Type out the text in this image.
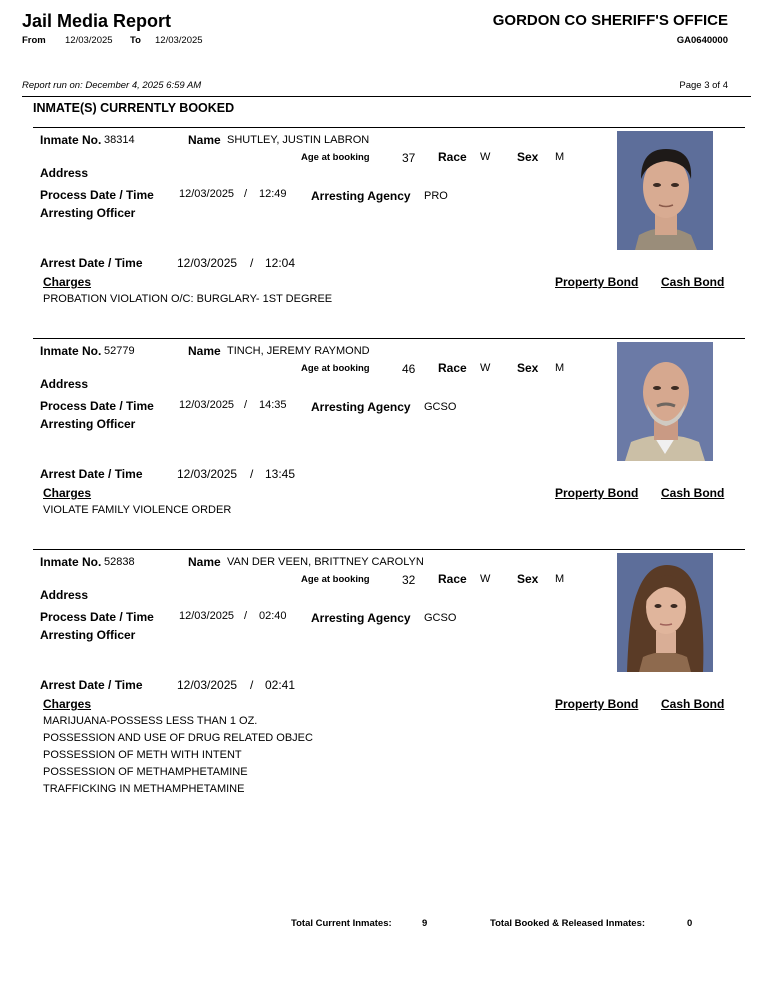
Jail Media Report
From 12/03/2025 To 12/03/2025
GORDON CO SHERIFF'S OFFICE
GA0640000
Report run on: December 4, 2025 6:59 AM	Page 3 of 4
INMATE(S) CURRENTLY BOOKED
Inmate No. 38314	Name SHUTLEY, JUSTIN LABRON
Age at booking	37 Race W Sex M
Address
Process Date / Time 12/03/2025 / 12:49 Arresting Agency PRO
Arresting Officer
Arrest Date / Time	12/03/2025 / 12:04
Charges	Property Bond Cash Bond
PROBATION VIOLATION O/C: BURGLARY- 1ST DEGREE
Inmate No. 52779	Name TINCH, JEREMY RAYMOND
Age at booking	46 Race W Sex M
Address
Process Date / Time 12/03/2025 / 14:35 Arresting Agency GCSO
Arresting Officer
Arrest Date / Time	12/03/2025 / 13:45
Charges	Property Bond Cash Bond
VIOLATE FAMILY VIOLENCE ORDER
Inmate No. 52838	Name VAN DER VEEN, BRITTNEY CAROLYN
Age at booking	32 Race W Sex M
Address
Process Date / Time 12/03/2025 / 02:40 Arresting Agency GCSO
Arresting Officer
Arrest Date / Time	12/03/2025 / 02:41
Charges	Property Bond Cash Bond
MARIJUANA-POSSESS LESS THAN 1 OZ.
POSSESSION AND USE OF DRUG RELATED OBJEC
POSSESSION OF METH WITH INTENT
POSSESSION OF METHAMPHETAMINE
TRAFFICKING IN METHAMPHETAMINE
Total Current Inmates:	9	Total Booked & Released Inmates:	0
